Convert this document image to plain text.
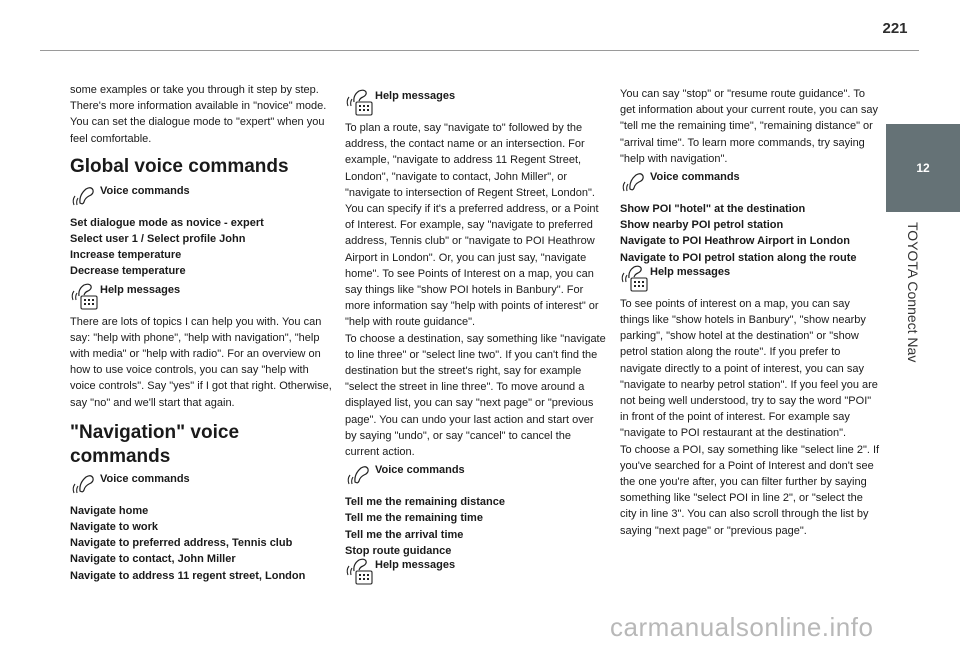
221
12
TOYOTA Connect Nav

some examples or take you through it step by step. There's more information available in "novice" mode. You can set the dialogue mode to "expert" when you feel comfortable.

Global voice commands

Voice commands

Set dialogue mode as novice - expert

Select user 1 / Select profile John

Increase temperature

Decrease temperature

Help messages

There are lots of topics I can help you with. You can say: "help with phone", "help with navigation", "help with media" or "help with radio". For an overview on how to use voice controls, you can say "help with voice controls". Say "yes" if I got that right. Otherwise, say "no" and we'll start that again.

"Navigation" voice commands

Voice commands

Navigate home

Navigate to work

Navigate to preferred address, Tennis club

Navigate to contact, John Miller

Navigate to address 11 regent street, London

Help messages

To plan a route, say "navigate to" followed by the address, the contact name or an intersection. For example, "navigate to address 11 Regent Street, London", "navigate to contact, John Miller", or "navigate to intersection of Regent Street, London". You can specify if it's a preferred address, or a Point of Interest. For example, say "navigate to preferred address, Tennis club" or "navigate to POI Heathrow Airport in London". Or, you can just say, "navigate home". To see Points of Interest on a map, you can say things like "show POI hotels in Banbury". For more information say "help with points of interest" or "help with route guidance".

To choose a destination, say something like "navigate to line three" or "select line two". If you can't find the destination but the street's right, say for example "select the street in line three". To move around a displayed list, you can say "next page" or "previous page". You can undo your last action and start over by saying "undo", or say "cancel" to cancel the current action.

Voice commands

Tell me the remaining distance

Tell me the remaining time

Tell me the arrival time

Stop route guidance

Help messages

You can say "stop" or "resume route guidance". To get information about your current route, you can say "tell me the remaining time", "remaining distance" or "arrival time". To learn more commands, try saying "help with navigation".

Voice commands

Show POI "hotel" at the destination

Show nearby POI petrol station

Navigate to POI Heathrow Airport in London

Navigate to POI petrol station along the route

Help messages

To see points of interest on a map, you can say things like "show hotels in Banbury", "show nearby parking", "show hotel at the destination" or "show petrol station along the route". If you prefer to navigate directly to a point of interest, you can say "navigate to nearby petrol station". If you feel you are not being well understood, try to say the word "POI" in front of the point of interest. For example say "navigate to POI restaurant at the destination".

To choose a POI, say something like "select line 2". If you've searched for a Point of Interest and don't see the one you're after, you can filter further by saying something like "select POI in line 2", or "select the city in line 3". You can also scroll through the list by saying "next page" or "previous page".

carmanualsonline.info
